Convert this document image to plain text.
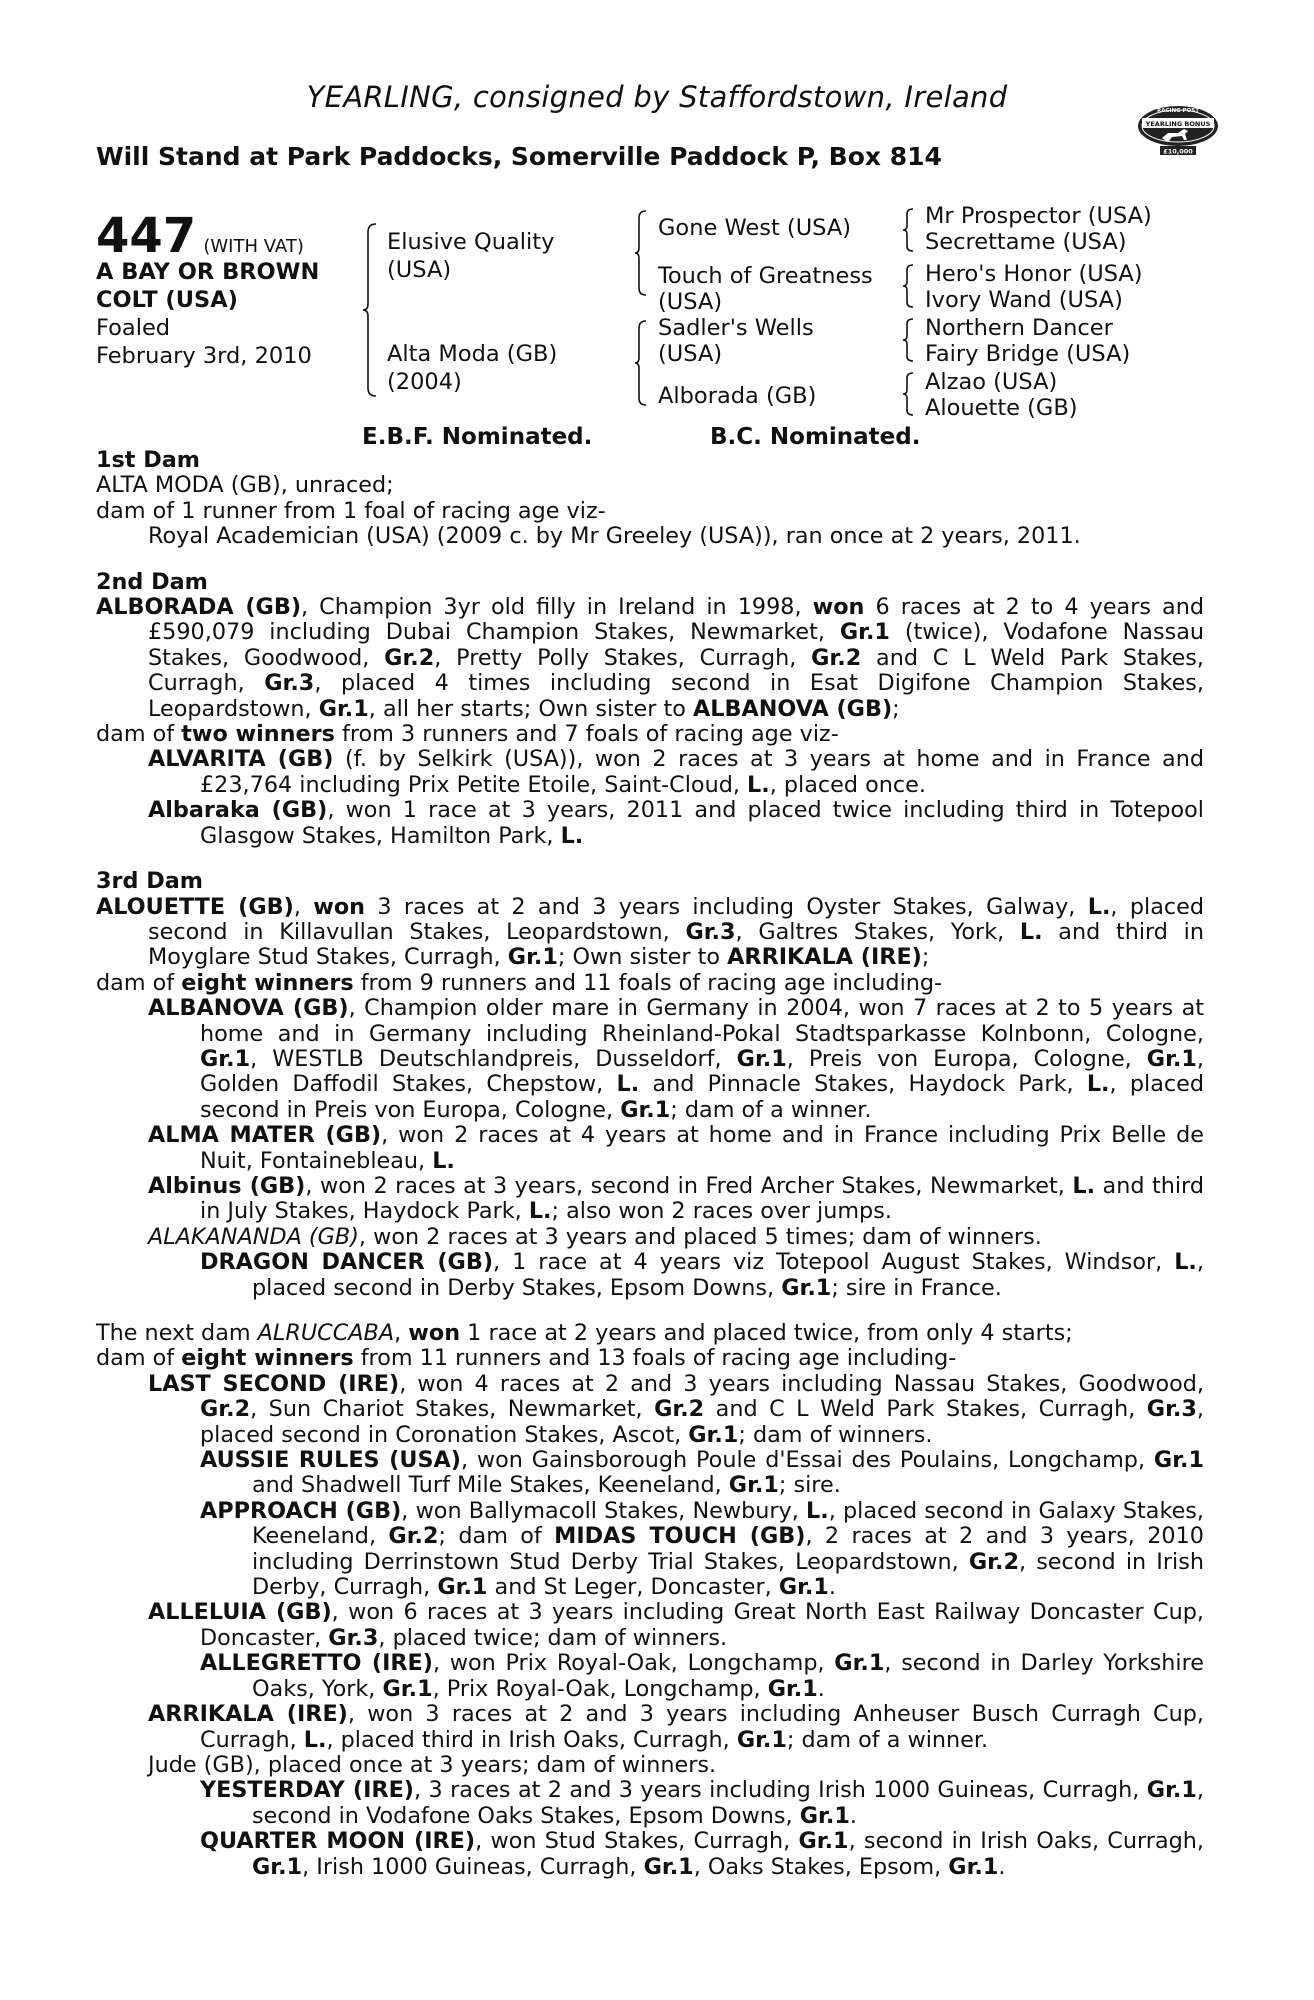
YEARLING, consigned by Staffordstown, Ireland
Will Stand at Park Paddocks, Somerville Paddock P, Box 814
RACING POST
YEARLING BONUS
£10,000
447 (WITH VAT)
A BAY OR BROWN
COLT (USA)
Foaled
February 3rd, 2010
Elusive Quality
(USA)
Alta Moda (GB)
(2004)
Gone West (USA)
Touch of Greatness
(USA)
Sadler's Wells
(USA)
Alborada (GB)
Mr Prospector (USA)
Secrettame (USA)
Hero's Honor (USA)
Ivory Wand (USA)
Northern Dancer
Fairy Bridge (USA)
Alzao (USA)
Alouette (GB)
E.B.F. Nominated.	B.C. Nominated.

1st Dam

ALTA MODA (GB), unraced;

dam of 1 runner from 1 foal of racing age viz-

Royal Academician (USA) (2009 c. by Mr Greeley (USA)), ran once at 2 years, 2011.

2nd Dam

ALBORADA (GB), Champion 3yr old filly in Ireland in 1998, won 6 races at 2 to 4 years and £590,079 including Dubai Champion Stakes, Newmarket, Gr.1 (twice), Vodafone Nassau Stakes, Goodwood, Gr.2, Pretty Polly Stakes, Curragh, Gr.2 and C L Weld Park Stakes, Curragh, Gr.3, placed 4 times including second in Esat Digifone Champion Stakes, Leopardstown, Gr.1, all her starts; Own sister to ALBANOVA (GB);

dam of two winners from 3 runners and 7 foals of racing age viz-

ALVARITA (GB) (f. by Selkirk (USA)), won 2 races at 3 years at home and in France and £23,764 including Prix Petite Etoile, Saint-Cloud, L., placed once.

Albaraka (GB), won 1 race at 3 years, 2011 and placed twice including third in Totepool Glasgow Stakes, Hamilton Park, L.

3rd Dam

ALOUETTE (GB), won 3 races at 2 and 3 years including Oyster Stakes, Galway, L., placed second in Killavullan Stakes, Leopardstown, Gr.3, Galtres Stakes, York, L. and third in Moyglare Stud Stakes, Curragh, Gr.1; Own sister to ARRIKALA (IRE);

dam of eight winners from 9 runners and 11 foals of racing age including-

ALBANOVA (GB), Champion older mare in Germany in 2004, won 7 races at 2 to 5 years at home and in Germany including Rheinland-Pokal Stadtsparkasse Kolnbonn, Cologne, Gr.1, WESTLB Deutschlandpreis, Dusseldorf, Gr.1, Preis von Europa, Cologne, Gr.1, Golden Daffodil Stakes, Chepstow, L. and Pinnacle Stakes, Haydock Park, L., placed second in Preis von Europa, Cologne, Gr.1; dam of a winner.

ALMA MATER (GB), won 2 races at 4 years at home and in France including Prix Belle de Nuit, Fontainebleau, L.

Albinus (GB), won 2 races at 3 years, second in Fred Archer Stakes, Newmarket, L. and third in July Stakes, Haydock Park, L.; also won 2 races over jumps.

ALAKANANDA (GB), won 2 races at 3 years and placed 5 times; dam of winners.

DRAGON DANCER (GB), 1 race at 4 years viz Totepool August Stakes, Windsor, L., placed second in Derby Stakes, Epsom Downs, Gr.1; sire in France.

The next dam ALRUCCABA, won 1 race at 2 years and placed twice, from only 4 starts;

dam of eight winners from 11 runners and 13 foals of racing age including-

LAST SECOND (IRE), won 4 races at 2 and 3 years including Nassau Stakes, Goodwood, Gr.2, Sun Chariot Stakes, Newmarket, Gr.2 and C L Weld Park Stakes, Curragh, Gr.3, placed second in Coronation Stakes, Ascot, Gr.1; dam of winners.

AUSSIE RULES (USA), won Gainsborough Poule d'Essai des Poulains, Longchamp, Gr.1 and Shadwell Turf Mile Stakes, Keeneland, Gr.1; sire.

APPROACH (GB), won Ballymacoll Stakes, Newbury, L., placed second in Galaxy Stakes, Keeneland, Gr.2; dam of MIDAS TOUCH (GB), 2 races at 2 and 3 years, 2010 including Derrinstown Stud Derby Trial Stakes, Leopardstown, Gr.2, second in Irish Derby, Curragh, Gr.1 and St Leger, Doncaster, Gr.1.

ALLELUIA (GB), won 6 races at 3 years including Great North East Railway Doncaster Cup, Doncaster, Gr.3, placed twice; dam of winners.

ALLEGRETTO (IRE), won Prix Royal-Oak, Longchamp, Gr.1, second in Darley Yorkshire Oaks, York, Gr.1, Prix Royal-Oak, Longchamp, Gr.1.

ARRIKALA (IRE), won 3 races at 2 and 3 years including Anheuser Busch Curragh Cup, Curragh, L., placed third in Irish Oaks, Curragh, Gr.1; dam of a winner.

Jude (GB), placed once at 3 years; dam of winners.

YESTERDAY (IRE), 3 races at 2 and 3 years including Irish 1000 Guineas, Curragh, Gr.1, second in Vodafone Oaks Stakes, Epsom Downs, Gr.1.

QUARTER MOON (IRE), won Stud Stakes, Curragh, Gr.1, second in Irish Oaks, Curragh, Gr.1, Irish 1000 Guineas, Curragh, Gr.1, Oaks Stakes, Epsom, Gr.1.
